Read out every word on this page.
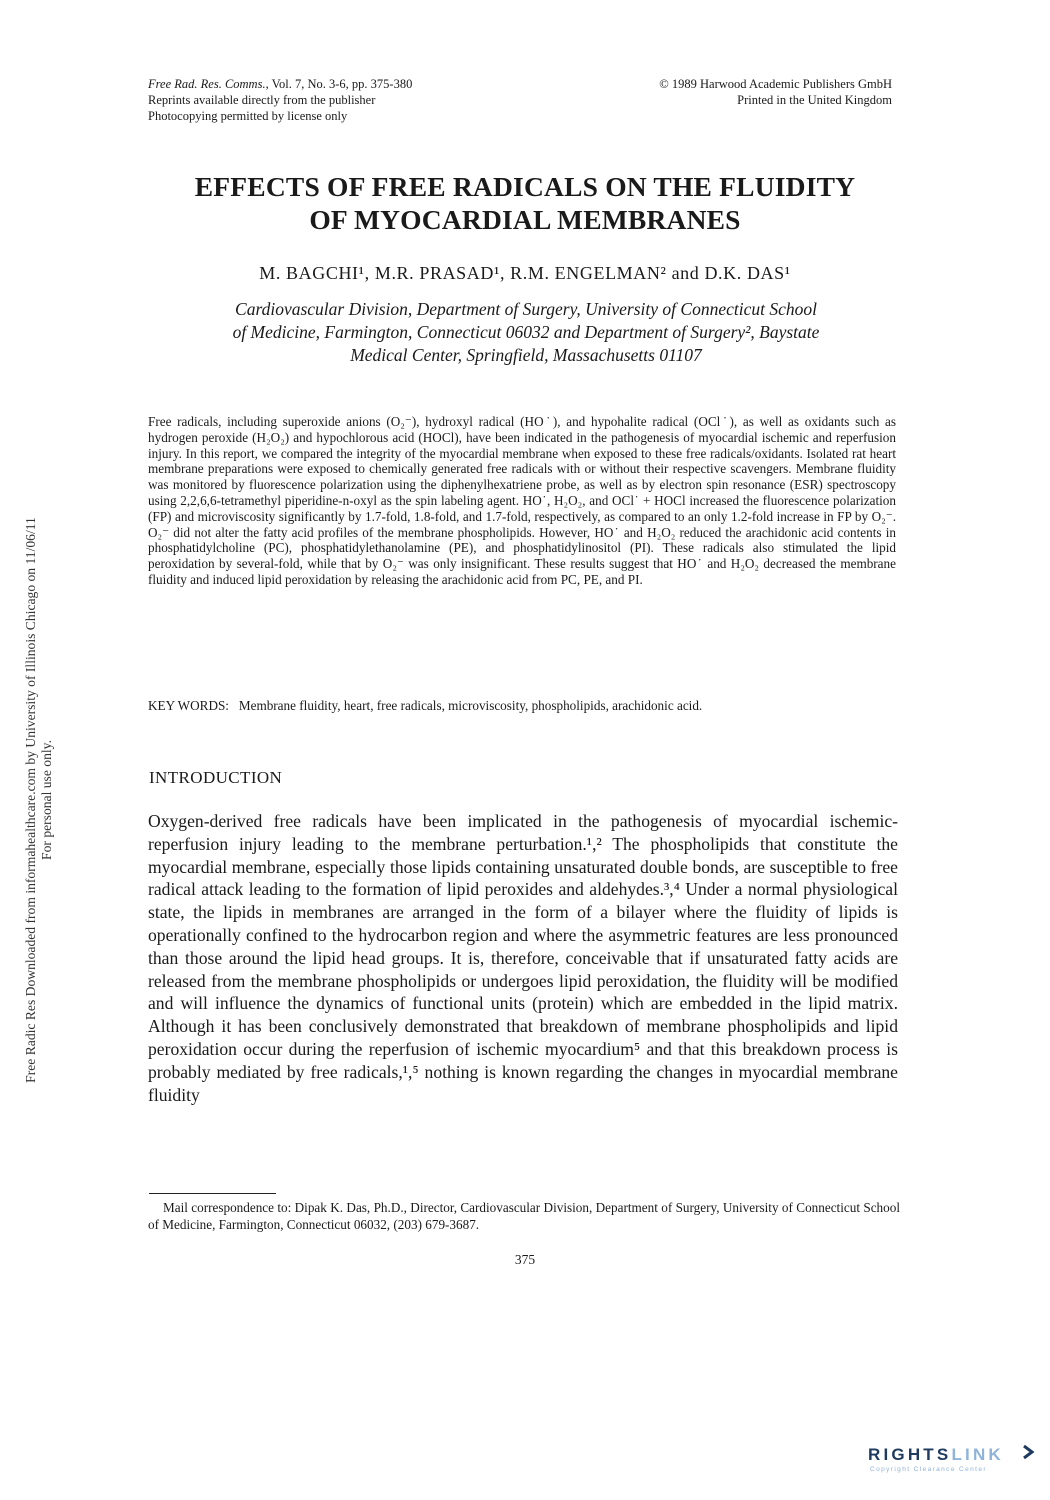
Free Rad. Res. Comms., Vol. 7, No. 3-6, pp. 375-380
Reprints available directly from the publisher
Photocopying permitted by license only
© 1989 Harwood Academic Publishers GmbH
Printed in the United Kingdom
EFFECTS OF FREE RADICALS ON THE FLUIDITY
OF MYOCARDIAL MEMBRANES
M. BAGCHI¹, M.R. PRASAD¹, R.M. ENGELMAN² and D.K. DAS¹
Cardiovascular Division, Department of Surgery, University of Connecticut School
of Medicine, Farmington, Connecticut 06032 and Department of Surgery², Baystate
Medical Center, Springfield, Massachusetts 01107
Free radicals, including superoxide anions (O₂⁻), hydroxyl radical (HO˙), and hypohalite radical (OCl˙), as well as oxidants such as hydrogen peroxide (H₂O₂) and hypochlorous acid (HOCl), have been indicated in the pathogenesis of myocardial ischemic and reperfusion injury. In this report, we compared the integrity of the myocardial membrane when exposed to these free radicals/oxidants. Isolated rat heart membrane preparations were exposed to chemically generated free radicals with or without their respective scavengers. Membrane fluidity was monitored by fluorescence polarization using the diphenylhexatriene probe, as well as by electron spin resonance (ESR) spectroscopy using 2,2,6,6-tetramethyl piperidine-n-oxyl as the spin labeling agent. HO˙, H₂O₂, and OCl˙ + HOCl increased the fluorescence polarization (FP) and microviscosity significantly by 1.7-fold, 1.8-fold, and 1.7-fold, respectively, as compared to an only 1.2-fold increase in FP by O₂⁻. O₂⁻ did not alter the fatty acid profiles of the membrane phospholipids. However, HO˙ and H₂O₂ reduced the arachidonic acid contents in phosphatidylcholine (PC), phosphatidylethanolamine (PE), and phosphatidylinositol (PI). These radicals also stimulated the lipid peroxidation by several-fold, while that by O₂⁻ was only insignificant. These results suggest that HO˙ and H₂O₂ decreased the membrane fluidity and induced lipid peroxidation by releasing the arachidonic acid from PC, PE, and PI.
KEY WORDS: Membrane fluidity, heart, free radicals, microviscosity, phospholipids, arachidonic acid.
INTRODUCTION
Oxygen-derived free radicals have been implicated in the pathogenesis of myocardial ischemic-reperfusion injury leading to the membrane perturbation.¹,² The phospholipids that constitute the myocardial membrane, especially those lipids containing unsaturated double bonds, are susceptible to free radical attack leading to the formation of lipid peroxides and aldehydes.³,⁴ Under a normal physiological state, the lipids in membranes are arranged in the form of a bilayer where the fluidity of lipids is operationally confined to the hydrocarbon region and where the asymmetric features are less pronounced than those around the lipid head groups. It is, therefore, conceivable that if unsaturated fatty acids are released from the membrane phospholipids or undergoes lipid peroxidation, the fluidity will be modified and will influence the dynamics of functional units (protein) which are embedded in the lipid matrix. Although it has been conclusively demonstrated that breakdown of membrane phospholipids and lipid peroxidation occur during the reperfusion of ischemic myocardium⁵ and that this breakdown process is probably mediated by free radicals,¹,⁵ nothing is known regarding the changes in myocardial membrane fluidity
Mail correspondence to: Dipak K. Das, Ph.D., Director, Cardiovascular Division, Department of Surgery, University of Connecticut School of Medicine, Farmington, Connecticut 06032, (203) 679-3687.
375
Free Radic Res Downloaded from informahealthcare.com by University of Illinois Chicago on 11/06/11 For personal use only.
RIGHTSLINK
Copyright Clearance Center
